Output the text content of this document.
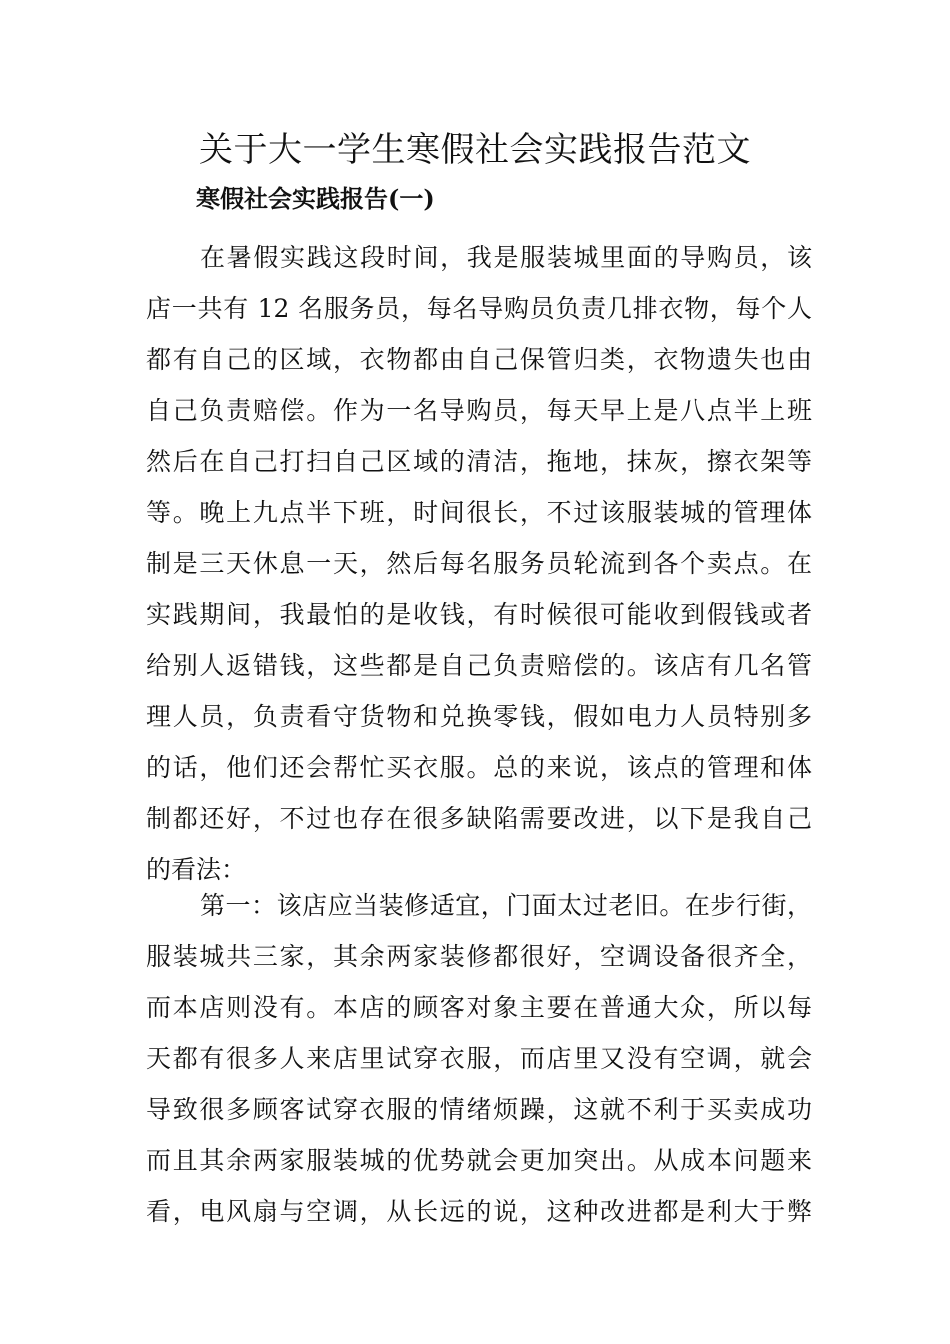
关于大一学生寒假社会实践报告范文
寒假社会实践报告(一)
在暑假实践这段时间，我是服装城里面的导购员，该
店一共有 12 名服务员，每名导购员负责几排衣物，每个人
都有自己的区域，衣物都由自己保管归类，衣物遗失也由
自己负责赔偿。作为一名导购员，每天早上是八点半上班
然后在自己打扫自己区域的清洁，拖地，抹灰，擦衣架等
等。晚上九点半下班，时间很长，不过该服装城的管理体
制是三天休息一天，然后每名服务员轮流到各个卖点。在
实践期间，我最怕的是收钱，有时候很可能收到假钱或者
给别人返错钱，这些都是自己负责赔偿的。该店有几名管
理人员，负责看守货物和兑换零钱，假如电力人员特别多
的话，他们还会帮忙买衣服。总的来说，该点的管理和体
制都还好，不过也存在很多缺陷需要改进，以下是我自己
的看法：
第一：该店应当装修适宜，门面太过老旧。在步行街，
服装城共三家，其余两家装修都很好，空调设备很齐全，
而本店则没有。本店的顾客对象主要在普通大众，所以每
天都有很多人来店里试穿衣服，而店里又没有空调，就会
导致很多顾客试穿衣服的情绪烦躁，这就不利于买卖成功
而且其余两家服装城的优势就会更加突出。从成本问题来
看，电风扇与空调，从长远的说，这种改进都是利大于弊
